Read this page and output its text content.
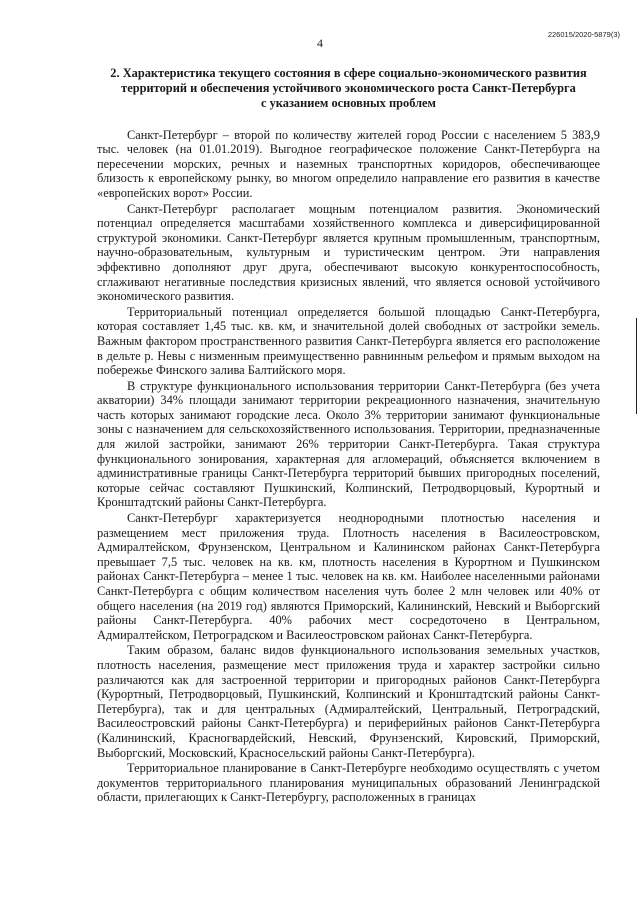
226015/2020-5879(3)
4
2. Характеристика текущего состояния в сфере социально-экономического развития
территорий и обеспечения устойчивого экономического роста Санкт-Петербурга
с указанием основных проблем

Санкт-Петербург – второй по количеству жителей город России с населением 5 383,9 тыс. человек (на 01.01.2019). Выгодное географическое положение Санкт-Петербурга на пересечении морских, речных и наземных транспортных коридоров, обеспечивающее близость к европейскому рынку, во многом определило направление его развития в качестве «европейских ворот» России.

Санкт-Петербург располагает мощным потенциалом развития. Экономический потенциал определяется масштабами хозяйственного комплекса и диверсифицированной структурой экономики. Санкт-Петербург является крупным промышленным, транспортным, научно-образовательным, культурным и туристическим центром. Эти направления эффективно дополняют друг друга, обеспечивают высокую конкурентоспособность, сглаживают негативные последствия кризисных явлений, что является основой устойчивого экономического развития.

Территориальный потенциал определяется большой площадью Санкт-Петербурга, которая составляет 1,45 тыс. кв. км, и значительной долей свободных от застройки земель. Важным фактором пространственного развития Санкт-Петербурга является его расположение в дельте р. Невы с низменным преимущественно равнинным рельефом и прямым выходом на побережье Финского залива Балтийского моря.

В структуре функционального использования территории Санкт-Петербурга (без учета акватории) 34% площади занимают территории рекреационного назначения, значительную часть которых занимают городские леса. Около 3% территории занимают функциональные зоны с назначением для сельскохозяйственного использования. Территории, предназначенные для жилой застройки, занимают 26% территории Санкт-Петербурга. Такая структура функционального зонирования, характерная для агломераций, объясняется включением в административные границы Санкт-Петербурга территорий бывших пригородных поселений, которые сейчас составляют Пушкинский, Колпинский, Петродворцовый, Курортный и Кронштадтский районы Санкт-Петербурга.

Санкт-Петербург характеризуется неоднородными плотностью населения и размещением мест приложения труда. Плотность населения в Василеостровском, Адмиралтейском, Фрунзенском, Центральном и Калининском районах Санкт-Петербурга превышает 7,5 тыс. человек на кв. км, плотность населения в Курортном и Пушкинском районах Санкт-Петербурга – менее 1 тыс. человек на кв. км. Наиболее населенными районами Санкт-Петербурга с общим количеством населения чуть более 2 млн человек или 40% от общего населения (на 2019 год) являются Приморский, Калининский, Невский и Выборгский районы Санкт-Петербурга. 40% рабочих мест сосредоточено в Центральном, Адмиралтейском, Петроградском и Василеостровском районах Санкт-Петербурга.

Таким образом, баланс видов функционального использования земельных участков, плотность населения, размещение мест приложения труда и характер застройки сильно различаются как для застроенной территории и пригородных районов Санкт-Петербурга (Курортный, Петродворцовый, Пушкинский, Колпинский и Кронштадтский районы Санкт-Петербурга), так и для центральных (Адмиралтейский, Центральный, Петроградский, Василеостровский районы Санкт-Петербурга) и периферийных районов Санкт-Петербурга (Калининский, Красногвардейский, Невский, Фрунзенский, Кировский, Приморский, Выборгский, Московский, Красносельский районы Санкт-Петербурга).

Территориальное планирование в Санкт-Петербурге необходимо осуществлять с учетом документов территориального планирования муниципальных образований Ленинградской области, прилегающих к Санкт-Петербургу, расположенных в границах
